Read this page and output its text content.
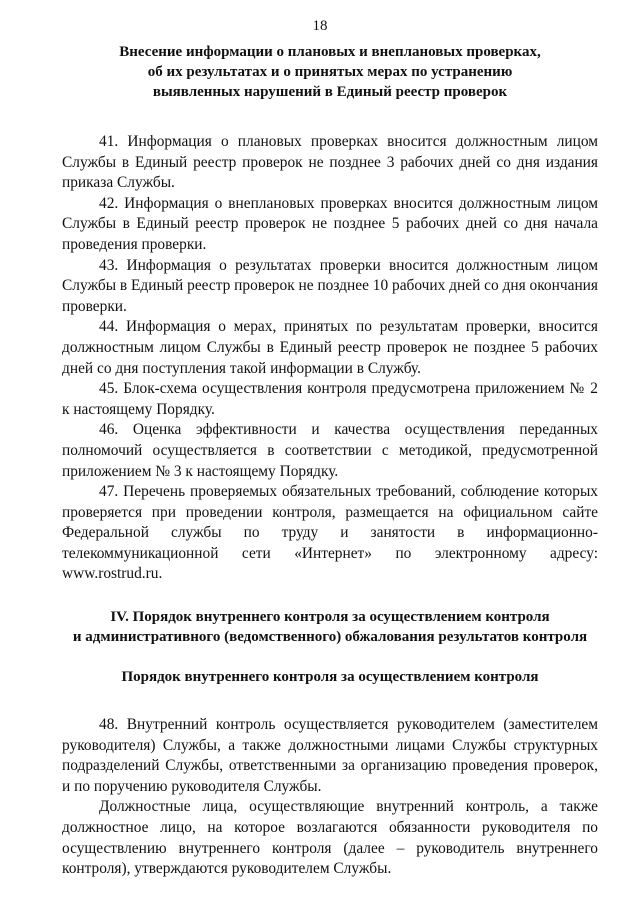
18
Внесение информации о плановых и внеплановых проверках,
об их результатах и о принятых мерах по устранению
выявленных нарушений в Единый реестр проверок

41. Информация о плановых проверках вносится должностным лицом Службы в Единый реестр проверок не позднее 3 рабочих дней со дня издания приказа Службы.

42. Информация о внеплановых проверках вносится должностным лицом Службы в Единый реестр проверок не позднее 5 рабочих дней со дня начала проведения проверки.

43. Информация о результатах проверки вносится должностным лицом Службы в Единый реестр проверок не позднее 10 рабочих дней со дня окончания проверки.

44. Информация о мерах, принятых по результатам проверки, вносится должностным лицом Службы в Единый реестр проверок не позднее 5 рабочих дней со дня поступления такой информации в Службу.

45. Блок-схема осуществления контроля предусмотрена приложением № 2 к настоящему Порядку.

46. Оценка эффективности и качества осуществления переданных полномочий осуществляется в соответствии с методикой, предусмотренной приложением № 3 к настоящему Порядку.

47. Перечень проверяемых обязательных требований, соблюдение которых проверяется при проведении контроля, размещается на официальном сайте Федеральной службы по труду и занятости в информационно-телекоммуникационной сети «Интернет» по электронному адресу: www.rostrud.ru.

IV. Порядок внутреннего контроля за осуществлением контроля
и административного (ведомственного) обжалования результатов контроля
Порядок внутреннего контроля за осуществлением контроля

48. Внутренний контроль осуществляется руководителем (заместителем руководителя) Службы, а также должностными лицами Службы структурных подразделений Службы, ответственными за организацию проведения проверок, и по поручению руководителя Службы.

Должностные лица, осуществляющие внутренний контроль, а также должностное лицо, на которое возлагаются обязанности руководителя по осуществлению внутреннего контроля (далее – руководитель внутреннего контроля), утверждаются руководителем Службы.
